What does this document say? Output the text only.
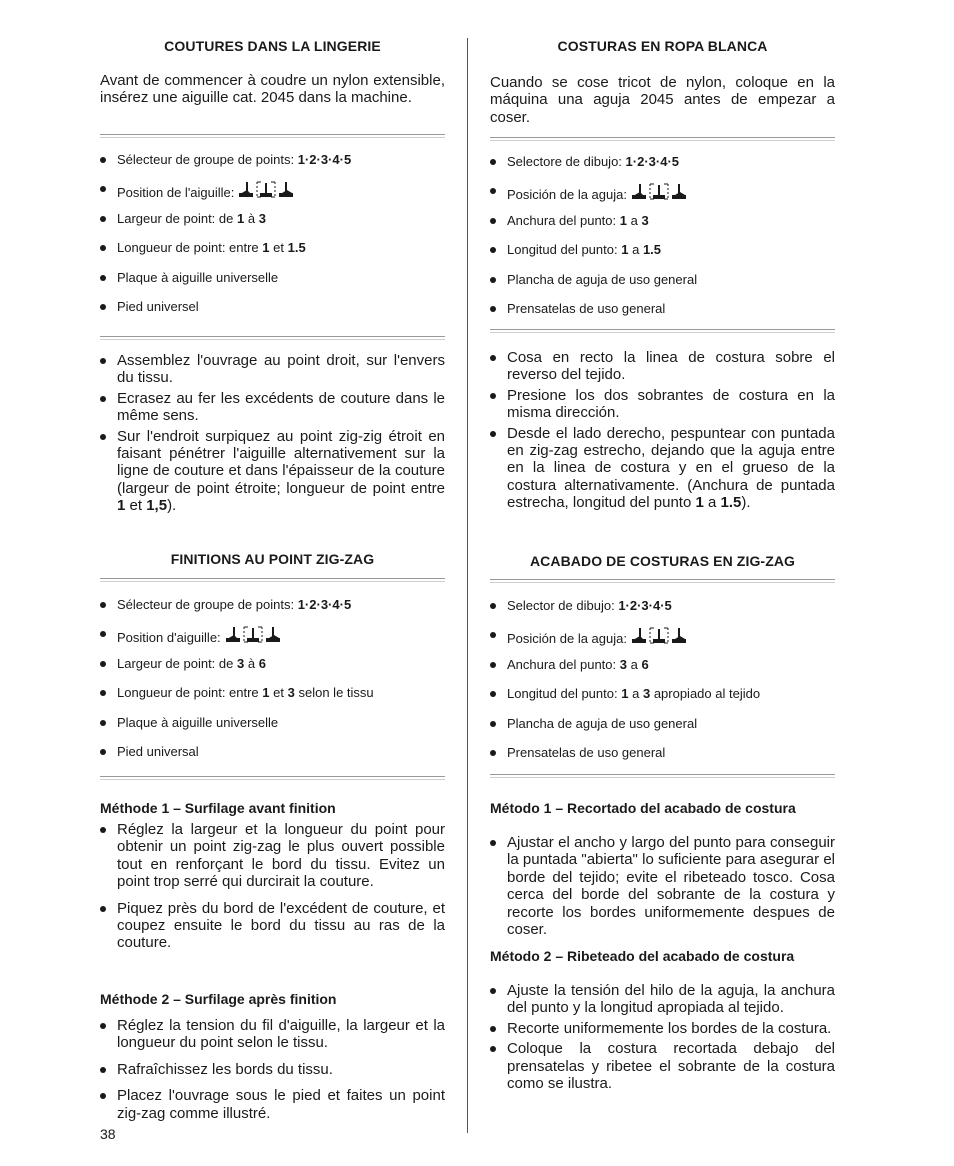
COUTURES DANS LA LINGERIE

Avant de commencer à coudre un nylon extensible, insérez une aiguille cat. 2045 dans la machine.

Sélecteur de groupe de points: 1·2·3·4·5
Position de l'aiguille:
Largeur de point: de 1 à 3
Longueur de point: entre 1 et 1.5
Plaque à aiguille universelle
Pied universel
Assemblez l'ouvrage au point droit, sur l'envers du tissu.
Ecrasez au fer les excédents de couture dans le même sens.
Sur l'endroit surpiquez au point zig-zig étroit en faisant pénétrer l'aiguille alternativement sur la ligne de couture et dans l'épaisseur de la couture (largeur de point étroite; longueur de point entre 1 et 1,5).
FINITIONS AU POINT ZIG-ZAG
Sélecteur de groupe de points: 1·2·3·4·5
Position d'aiguille:
Largeur de point: de 3 à 6
Longueur de point: entre 1 et 3 selon le tissu
Plaque à aiguille universelle
Pied universal
Méthode 1 – Surfilage avant finition
Réglez la largeur et la longueur du point pour obtenir un point zig-zag le plus ouvert possible tout en renforçant le bord du tissu. Evitez un point trop serré qui durcirait la couture.
Piquez près du bord de l'excédent de couture, et coupez ensuite le bord du tissu au ras de la couture.
Méthode 2 – Surfilage après finition
Réglez la tension du fil d'aiguille, la largeur et la longueur du point selon le tissu.
Rafraîchissez les bords du tissu.
Placez l'ouvrage sous le pied et faites un point zig-zag comme illustré.
COSTURAS EN ROPA BLANCA

Cuando se cose tricot de nylon, coloque en la máquina una aguja 2045 antes de empezar a coser.

Selectore de dibujo: 1·2·3·4·5
Posición de la aguja:
Anchura del punto: 1 a 3
Longitud del punto: 1 a 1.5
Plancha de aguja de uso general
Prensatelas de uso general
Cosa en recto la linea de costura sobre el reverso del tejido.
Presione los dos sobrantes de costura en la misma dirección.
Desde el lado derecho, pespuntear con puntada en zig-zag estrecho, dejando que la aguja entre en la linea de costura y en el grueso de la costura alternativamente. (Anchura de puntada estrecha, longitud del punto 1 a 1.5).
ACABADO DE COSTURAS EN ZIG-ZAG
Selector de dibujo: 1·2·3·4·5
Posición de la aguja:
Anchura del punto: 3 a 6
Longitud del punto: 1 a 3 apropiado al tejido
Plancha de aguja de uso general
Prensatelas de uso general
Método 1 – Recortado del acabado de costura
Ajustar el ancho y largo del punto para conseguir la puntada "abierta" lo suficiente para asegurar el borde del tejido; evite el ribeteado tosco. Cosa cerca del borde del sobrante de la costura y recorte los bordes uniformemente despues de coser.
Método 2 – Ribeteado del acabado de costura
Ajuste la tensión del hilo de la aguja, la anchura del punto y la longitud apropiada al tejido.
Recorte uniformemente los bordes de la costura.
Coloque la costura recortada debajo del prensatelas y ribetee el sobrante de la costura como se ilustra.
38
